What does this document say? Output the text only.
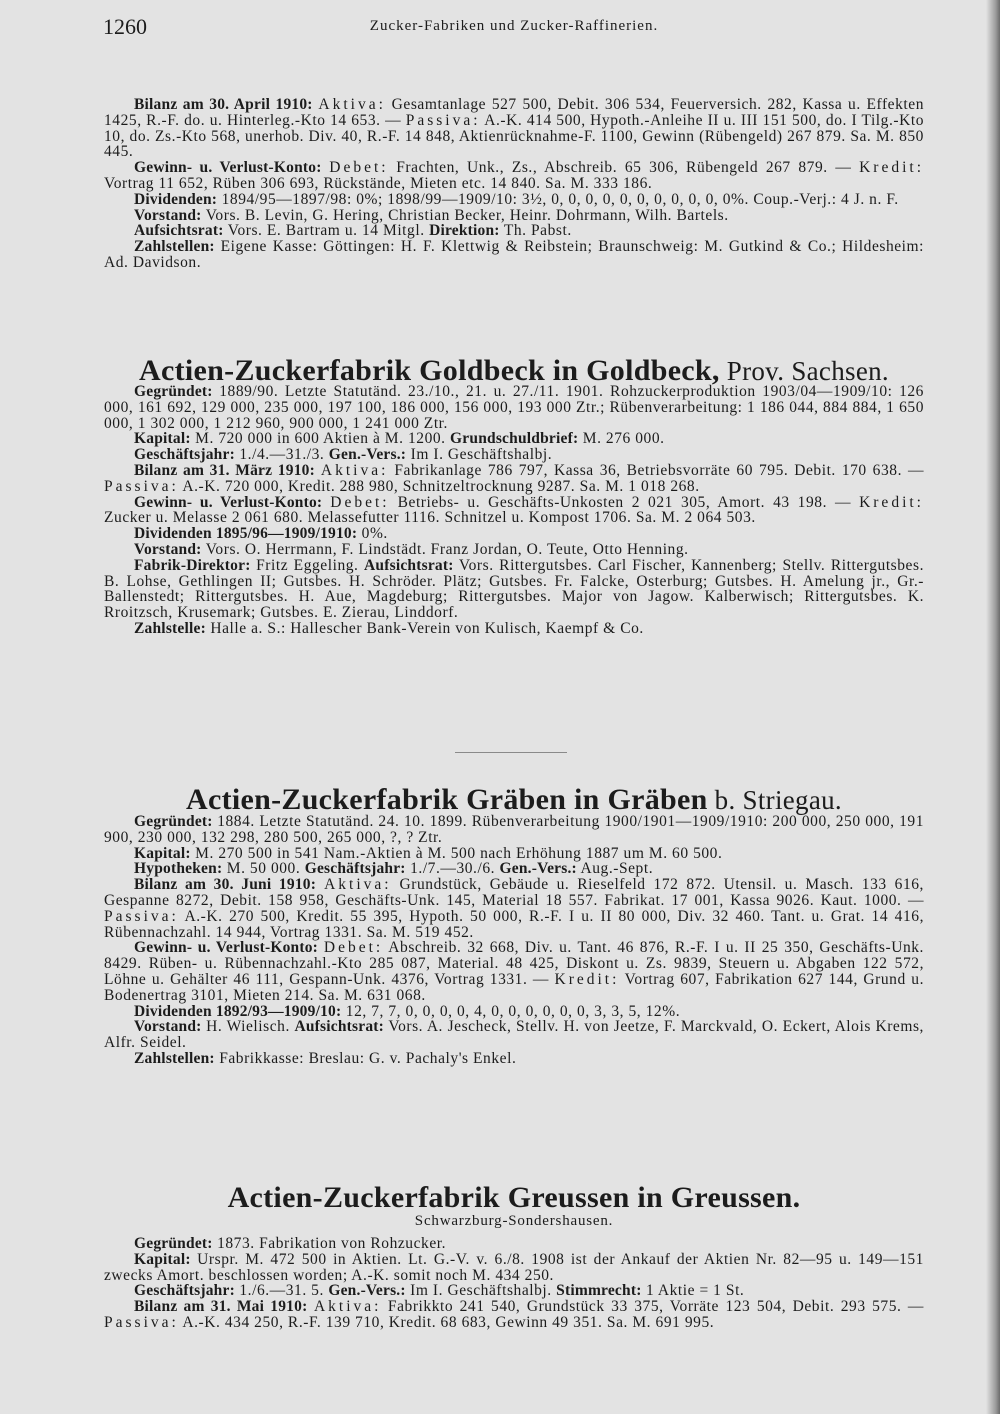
1260	Zucker-Fabriken und Zucker-Raffinerien.

Bilanz am 30. April 1910: Aktiva: Gesamtanlage 527 500, Debit. 306 534, Feuerversich. 282, Kassa u. Effekten 1425, R.-F. do. u. Hinterleg.-Kto 14 653. — Passiva: A.-K. 414 500, Hypoth.-Anleihe II u. III 151 500, do. I Tilg.-Kto 10, do. Zs.-Kto 568, unerhob. Div. 40, R.-F. 14 848, Aktienrücknahme-F. 1100, Gewinn (Rübengeld) 267 879. Sa. M. 850 445.

Gewinn- u. Verlust-Konto: Debet: Frachten, Unk., Zs., Abschreib. 65 306, Rübengeld 267 879. — Kredit: Vortrag 11 652, Rüben 306 693, Rückstände, Mieten etc. 14 840. Sa. M. 333 186.

Dividenden: 1894/95—1897/98: 0%; 1898/99—1909/10: 3½, 0, 0, 0, 0, 0, 0, 0, 0, 0, 0, 0%. Coup.-Verj.: 4 J. n. F.

Vorstand: Vors. B. Levin, G. Hering, Christian Becker, Heinr. Dohrmann, Wilh. Bartels.

Aufsichtsrat: Vors. E. Bartram u. 14 Mitgl. Direktion: Th. Pabst.

Zahlstellen: Eigene Kasse: Göttingen: H. F. Klettwig & Reibstein; Braunschweig: M. Gutkind & Co.; Hildesheim: Ad. Davidson.

Actien-Zuckerfabrik Goldbeck in Goldbeck, Prov. Sachsen.

Gegründet: 1889/90. Letzte Statutänd. 23./10., 21. u. 27./11. 1901. Rohzuckerproduktion 1903/04—1909/10: 126 000, 161 692, 129 000, 235 000, 197 100, 186 000, 156 000, 193 000 Ztr.; Rübenverarbeitung: 1 186 044, 884 884, 1 650 000, 1 302 000, 1 212 960, 900 000, 1 241 000 Ztr.

Kapital: M. 720 000 in 600 Aktien à M. 1200. Grundschuldbrief: M. 276 000.

Geschäftsjahr: 1./4.—31./3. Gen.-Vers.: Im I. Geschäftshalbj.

Bilanz am 31. März 1910: Aktiva: Fabrikanlage 786 797, Kassa 36, Betriebsvorräte 60 795. Debit. 170 638. — Passiva: A.-K. 720 000, Kredit. 288 980, Schnitzeltrocknung 9287. Sa. M. 1 018 268.

Gewinn- u. Verlust-Konto: Debet: Betriebs- u. Geschäfts-Unkosten 2 021 305, Amort. 43 198. — Kredit: Zucker u. Melasse 2 061 680. Melassefutter 1116. Schnitzel u. Kompost 1706. Sa. M. 2 064 503.

Dividenden 1895/96—1909/1910: 0%.

Vorstand: Vors. O. Herrmann, F. Lindstädt. Franz Jordan, O. Teute, Otto Henning.

Fabrik-Direktor: Fritz Eggeling. Aufsichtsrat: Vors. Rittergutsbes. Carl Fischer, Kannenberg; Stellv. Rittergutsbes. B. Lohse, Gethlingen II; Gutsbes. H. Schröder. Plätz; Gutsbes. Fr. Falcke, Osterburg; Gutsbes. H. Amelung jr., Gr.-Ballenstedt; Rittergutsbes. H. Aue, Magdeburg; Rittergutsbes. Major von Jagow. Kalberwisch; Rittergutsbes. K. Rroitzsch, Krusemark; Gutsbes. E. Zierau, Linddorf.

Zahlstelle: Halle a. S.: Hallescher Bank-Verein von Kulisch, Kaempf & Co.

Actien-Zuckerfabrik Gräben in Gräben b. Striegau.

Gegründet: 1884. Letzte Statutänd. 24. 10. 1899. Rübenverarbeitung 1900/1901—1909/1910: 200 000, 250 000, 191 900, 230 000, 132 298, 280 500, 265 000, ?, ? Ztr.

Kapital: M. 270 500 in 541 Nam.-Aktien à M. 500 nach Erhöhung 1887 um M. 60 500.

Hypotheken: M. 50 000. Geschäftsjahr: 1./7.—30./6. Gen.-Vers.: Aug.-Sept.

Bilanz am 30. Juni 1910: Aktiva: Grundstück, Gebäude u. Rieselfeld 172 872. Utensil. u. Masch. 133 616, Gespanne 8272, Debit. 158 958, Geschäfts-Unk. 145, Material 18 557. Fabrikat. 17 001, Kassa 9026. Kaut. 1000. — Passiva: A.-K. 270 500, Kredit. 55 395, Hypoth. 50 000, R.-F. I u. II 80 000, Div. 32 460. Tant. u. Grat. 14 416, Rübennachzahl. 14 944, Vortrag 1331. Sa. M. 519 452.

Gewinn- u. Verlust-Konto: Debet: Abschreib. 32 668, Div. u. Tant. 46 876, R.-F. I u. II 25 350, Geschäfts-Unk. 8429. Rüben- u. Rübennachzahl.-Kto 285 087, Material. 48 425, Diskont u. Zs. 9839, Steuern u. Abgaben 122 572, Löhne u. Gehälter 46 111, Gespann-Unk. 4376, Vortrag 1331. — Kredit: Vortrag 607, Fabrikation 627 144, Grund u. Bodenertrag 3101, Mieten 214. Sa. M. 631 068.

Dividenden 1892/93—1909/10: 12, 7, 7, 0, 0, 0, 0, 4, 0, 0, 0, 0, 0, 0, 3, 3, 5, 12%.

Vorstand: H. Wielisch. Aufsichtsrat: Vors. A. Jescheck, Stellv. H. von Jeetze, F. Marckvald, O. Eckert, Alois Krems, Alfr. Seidel.

Zahlstellen: Fabrikkasse: Breslau: G. v. Pachaly's Enkel.

Actien-Zuckerfabrik Greussen in Greussen.
Schwarzburg-Sondershausen.

Gegründet: 1873. Fabrikation von Rohzucker.

Kapital: Urspr. M. 472 500 in Aktien. Lt. G.-V. v. 6./8. 1908 ist der Ankauf der Aktien Nr. 82—95 u. 149—151 zwecks Amort. beschlossen worden; A.-K. somit noch M. 434 250.

Geschäftsjahr: 1./6.—31. 5. Gen.-Vers.: Im I. Geschäftshalbj. Stimmrecht: 1 Aktie = 1 St.

Bilanz am 31. Mai 1910: Aktiva: Fabrikkto 241 540, Grundstück 33 375, Vorräte 123 504, Debit. 293 575. — Passiva: A.-K. 434 250, R.-F. 139 710, Kredit. 68 683, Gewinn 49 351. Sa. M. 691 995.
